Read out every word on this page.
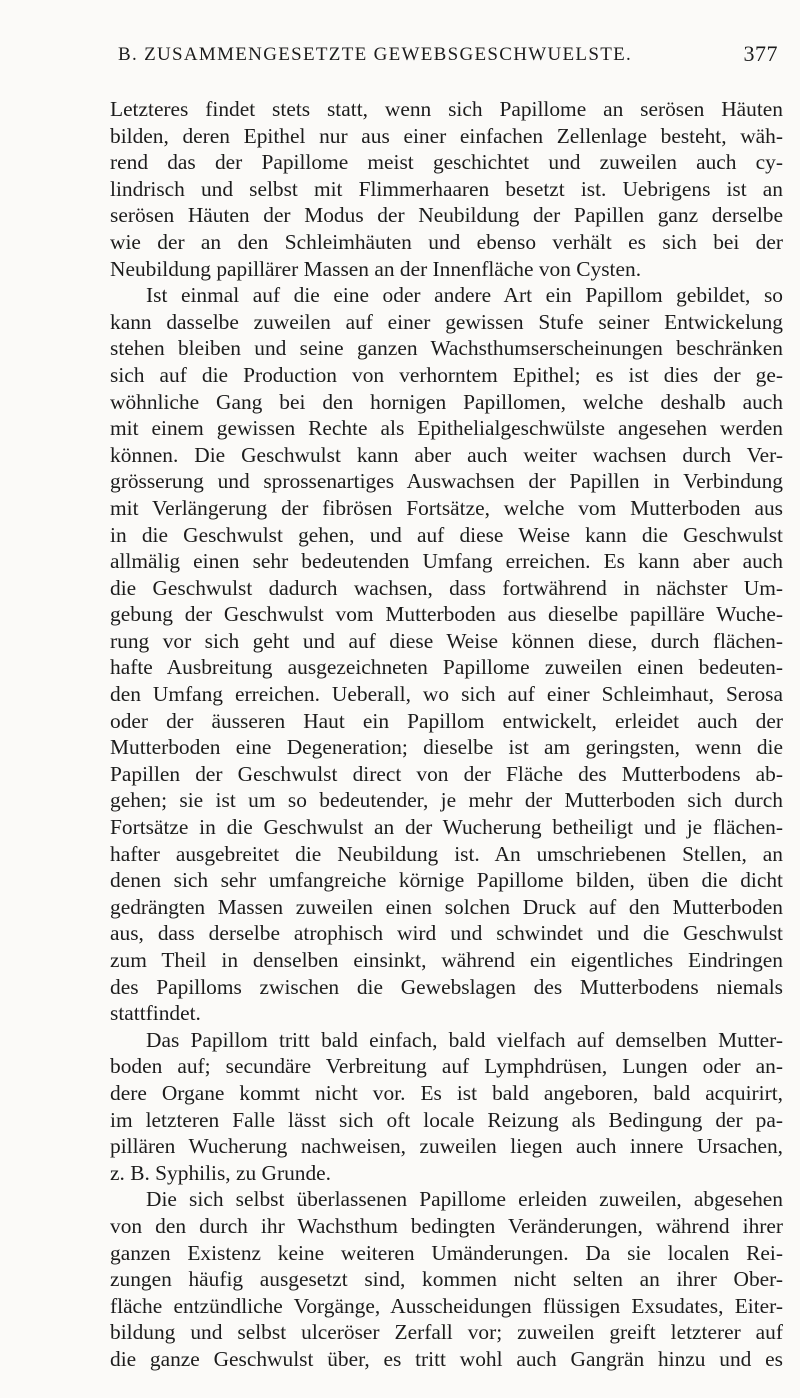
B. ZUSAMMENGESETZTE GEWEBSGESCHWUELSTE.	377
Letzteres findet stets statt, wenn sich Papillome an serösen Häuten
bilden, deren Epithel nur aus einer einfachen Zellenlage besteht, wäh-
rend das der Papillome meist geschichtet und zuweilen auch cy-
lindrisch und selbst mit Flimmerhaaren besetzt ist. Uebrigens ist an
serösen Häuten der Modus der Neubildung der Papillen ganz derselbe
wie der an den Schleimhäuten und ebenso verhält es sich bei der
Neubildung papillärer Massen an der Innenfläche von Cysten.
Ist einmal auf die eine oder andere Art ein Papillom gebildet, so
kann dasselbe zuweilen auf einer gewissen Stufe seiner Entwickelung
stehen bleiben und seine ganzen Wachsthumserscheinungen beschränken
sich auf die Production von verhorntem Epithel; es ist dies der ge-
wöhnliche Gang bei den hornigen Papillomen, welche deshalb auch
mit einem gewissen Rechte als Epithelialgeschwülste angesehen werden
können. Die Geschwulst kann aber auch weiter wachsen durch Ver-
grösserung und sprossenartiges Auswachsen der Papillen in Verbindung
mit Verlängerung der fibrösen Fortsätze, welche vom Mutterboden aus
in die Geschwulst gehen, und auf diese Weise kann die Geschwulst
allmälig einen sehr bedeutenden Umfang erreichen. Es kann aber auch
die Geschwulst dadurch wachsen, dass fortwährend in nächster Um-
gebung der Geschwulst vom Mutterboden aus dieselbe papilläre Wuche-
rung vor sich geht und auf diese Weise können diese, durch flächen-
hafte Ausbreitung ausgezeichneten Papillome zuweilen einen bedeuten-
den Umfang erreichen. Ueberall, wo sich auf einer Schleimhaut, Serosa
oder der äusseren Haut ein Papillom entwickelt, erleidet auch der
Mutterboden eine Degeneration; dieselbe ist am geringsten, wenn die
Papillen der Geschwulst direct von der Fläche des Mutterbodens ab-
gehen; sie ist um so bedeutender, je mehr der Mutterboden sich durch
Fortsätze in die Geschwulst an der Wucherung betheiligt und je flächen-
hafter ausgebreitet die Neubildung ist. An umschriebenen Stellen, an
denen sich sehr umfangreiche körnige Papillome bilden, üben die dicht
gedrängten Massen zuweilen einen solchen Druck auf den Mutterboden
aus, dass derselbe atrophisch wird und schwindet und die Geschwulst
zum Theil in denselben einsinkt, während ein eigentliches Eindringen
des Papilloms zwischen die Gewebslagen des Mutterbodens niemals
stattfindet.
Das Papillom tritt bald einfach, bald vielfach auf demselben Mutter-
boden auf; secundäre Verbreitung auf Lymphdrüsen, Lungen oder an-
dere Organe kommt nicht vor. Es ist bald angeboren, bald acquirirt,
im letzteren Falle lässt sich oft locale Reizung als Bedingung der pa-
pillären Wucherung nachweisen, zuweilen liegen auch innere Ursachen,
z. B. Syphilis, zu Grunde.
Die sich selbst überlassenen Papillome erleiden zuweilen, abgesehen
von den durch ihr Wachsthum bedingten Veränderungen, während ihrer
ganzen Existenz keine weiteren Umänderungen. Da sie localen Rei-
zungen häufig ausgesetzt sind, kommen nicht selten an ihrer Ober-
fläche entzündliche Vorgänge, Ausscheidungen flüssigen Exsudates, Eiter-
bildung und selbst ulceröser Zerfall vor; zuweilen greift letzterer auf
die ganze Geschwulst über, es tritt wohl auch Gangrän hinzu und es
